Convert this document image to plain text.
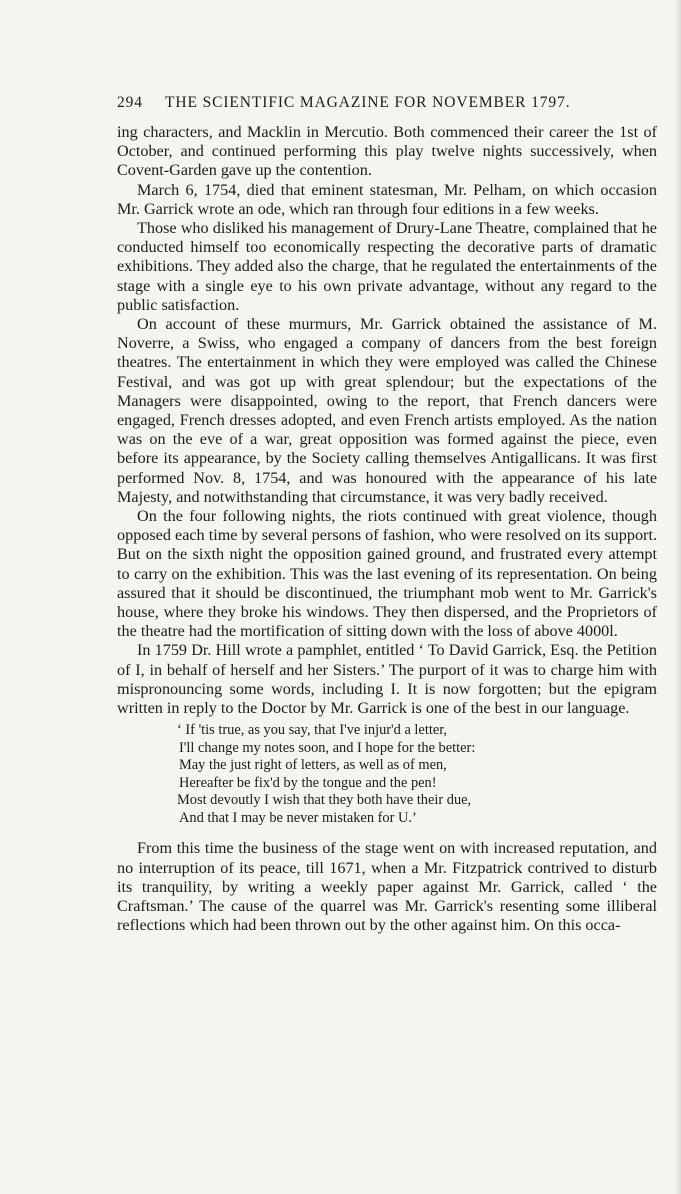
294 THE SCIENTIFIC MAGAZINE FOR NOVEMBER 1797.

ing characters, and Macklin in Mercutio. Both commenced their career the 1st of October, and continued performing this play twelve nights successively, when Covent-Garden gave up the contention.

March 6, 1754, died that eminent statesman, Mr. Pelham, on which occasion Mr. Garrick wrote an ode, which ran through four editions in a few weeks.

Those who disliked his management of Drury-Lane Theatre, complained that he conducted himself too economically respecting the decorative parts of dramatic exhibitions. They added also the charge, that he regulated the entertainments of the stage with a single eye to his own private advantage, without any regard to the public satisfaction.

On account of these murmurs, Mr. Garrick obtained the assistance of M. Noverre, a Swiss, who engaged a company of dancers from the best foreign theatres. The entertainment in which they were employed was called the Chinese Festival, and was got up with great splendour; but the expectations of the Managers were disappointed, owing to the report, that French dancers were engaged, French dresses adopted, and even French artists employed. As the nation was on the eve of a war, great opposition was formed against the piece, even before its appearance, by the Society calling themselves Antigallicans. It was first performed Nov. 8, 1754, and was honoured with the appearance of his late Majesty, and notwithstanding that circumstance, it was very badly received.

On the four following nights, the riots continued with great violence, though opposed each time by several persons of fashion, who were resolved on its support. But on the sixth night the opposition gained ground, and frustrated every attempt to carry on the exhibition. This was the last evening of its representation. On being assured that it should be discontinued, the triumphant mob went to Mr. Garrick's house, where they broke his windows. They then dispersed, and the Proprietors of the theatre had the mortification of sitting down with the loss of above 4000l.

In 1759 Dr. Hill wrote a pamphlet, entitled ‘ To David Garrick, Esq. the Petition of I, in behalf of herself and her Sisters.’ The purport of it was to charge him with mispronouncing some words, including I. It is now forgotten; but the epigram written in reply to the Doctor by Mr. Garrick is one of the best in our language.

‘ If 'tis true, as you say, that I've injur'd a letter,
I'll change my notes soon, and I hope for the better:
May the just right of letters, as well as of men,
Hereafter be fix'd by the tongue and the pen!
Most devoutly I wish that they both have their due,
And that I may be never mistaken for U.’

From this time the business of the stage went on with increased reputation, and no interruption of its peace, till 1671, when a Mr. Fitzpatrick contrived to disturb its tranquility, by writing a weekly paper against Mr. Garrick, called ‘ the Craftsman.’ The cause of the quarrel was Mr. Garrick's resenting some illiberal reflections which had been thrown out by the other against him. On this occa-
